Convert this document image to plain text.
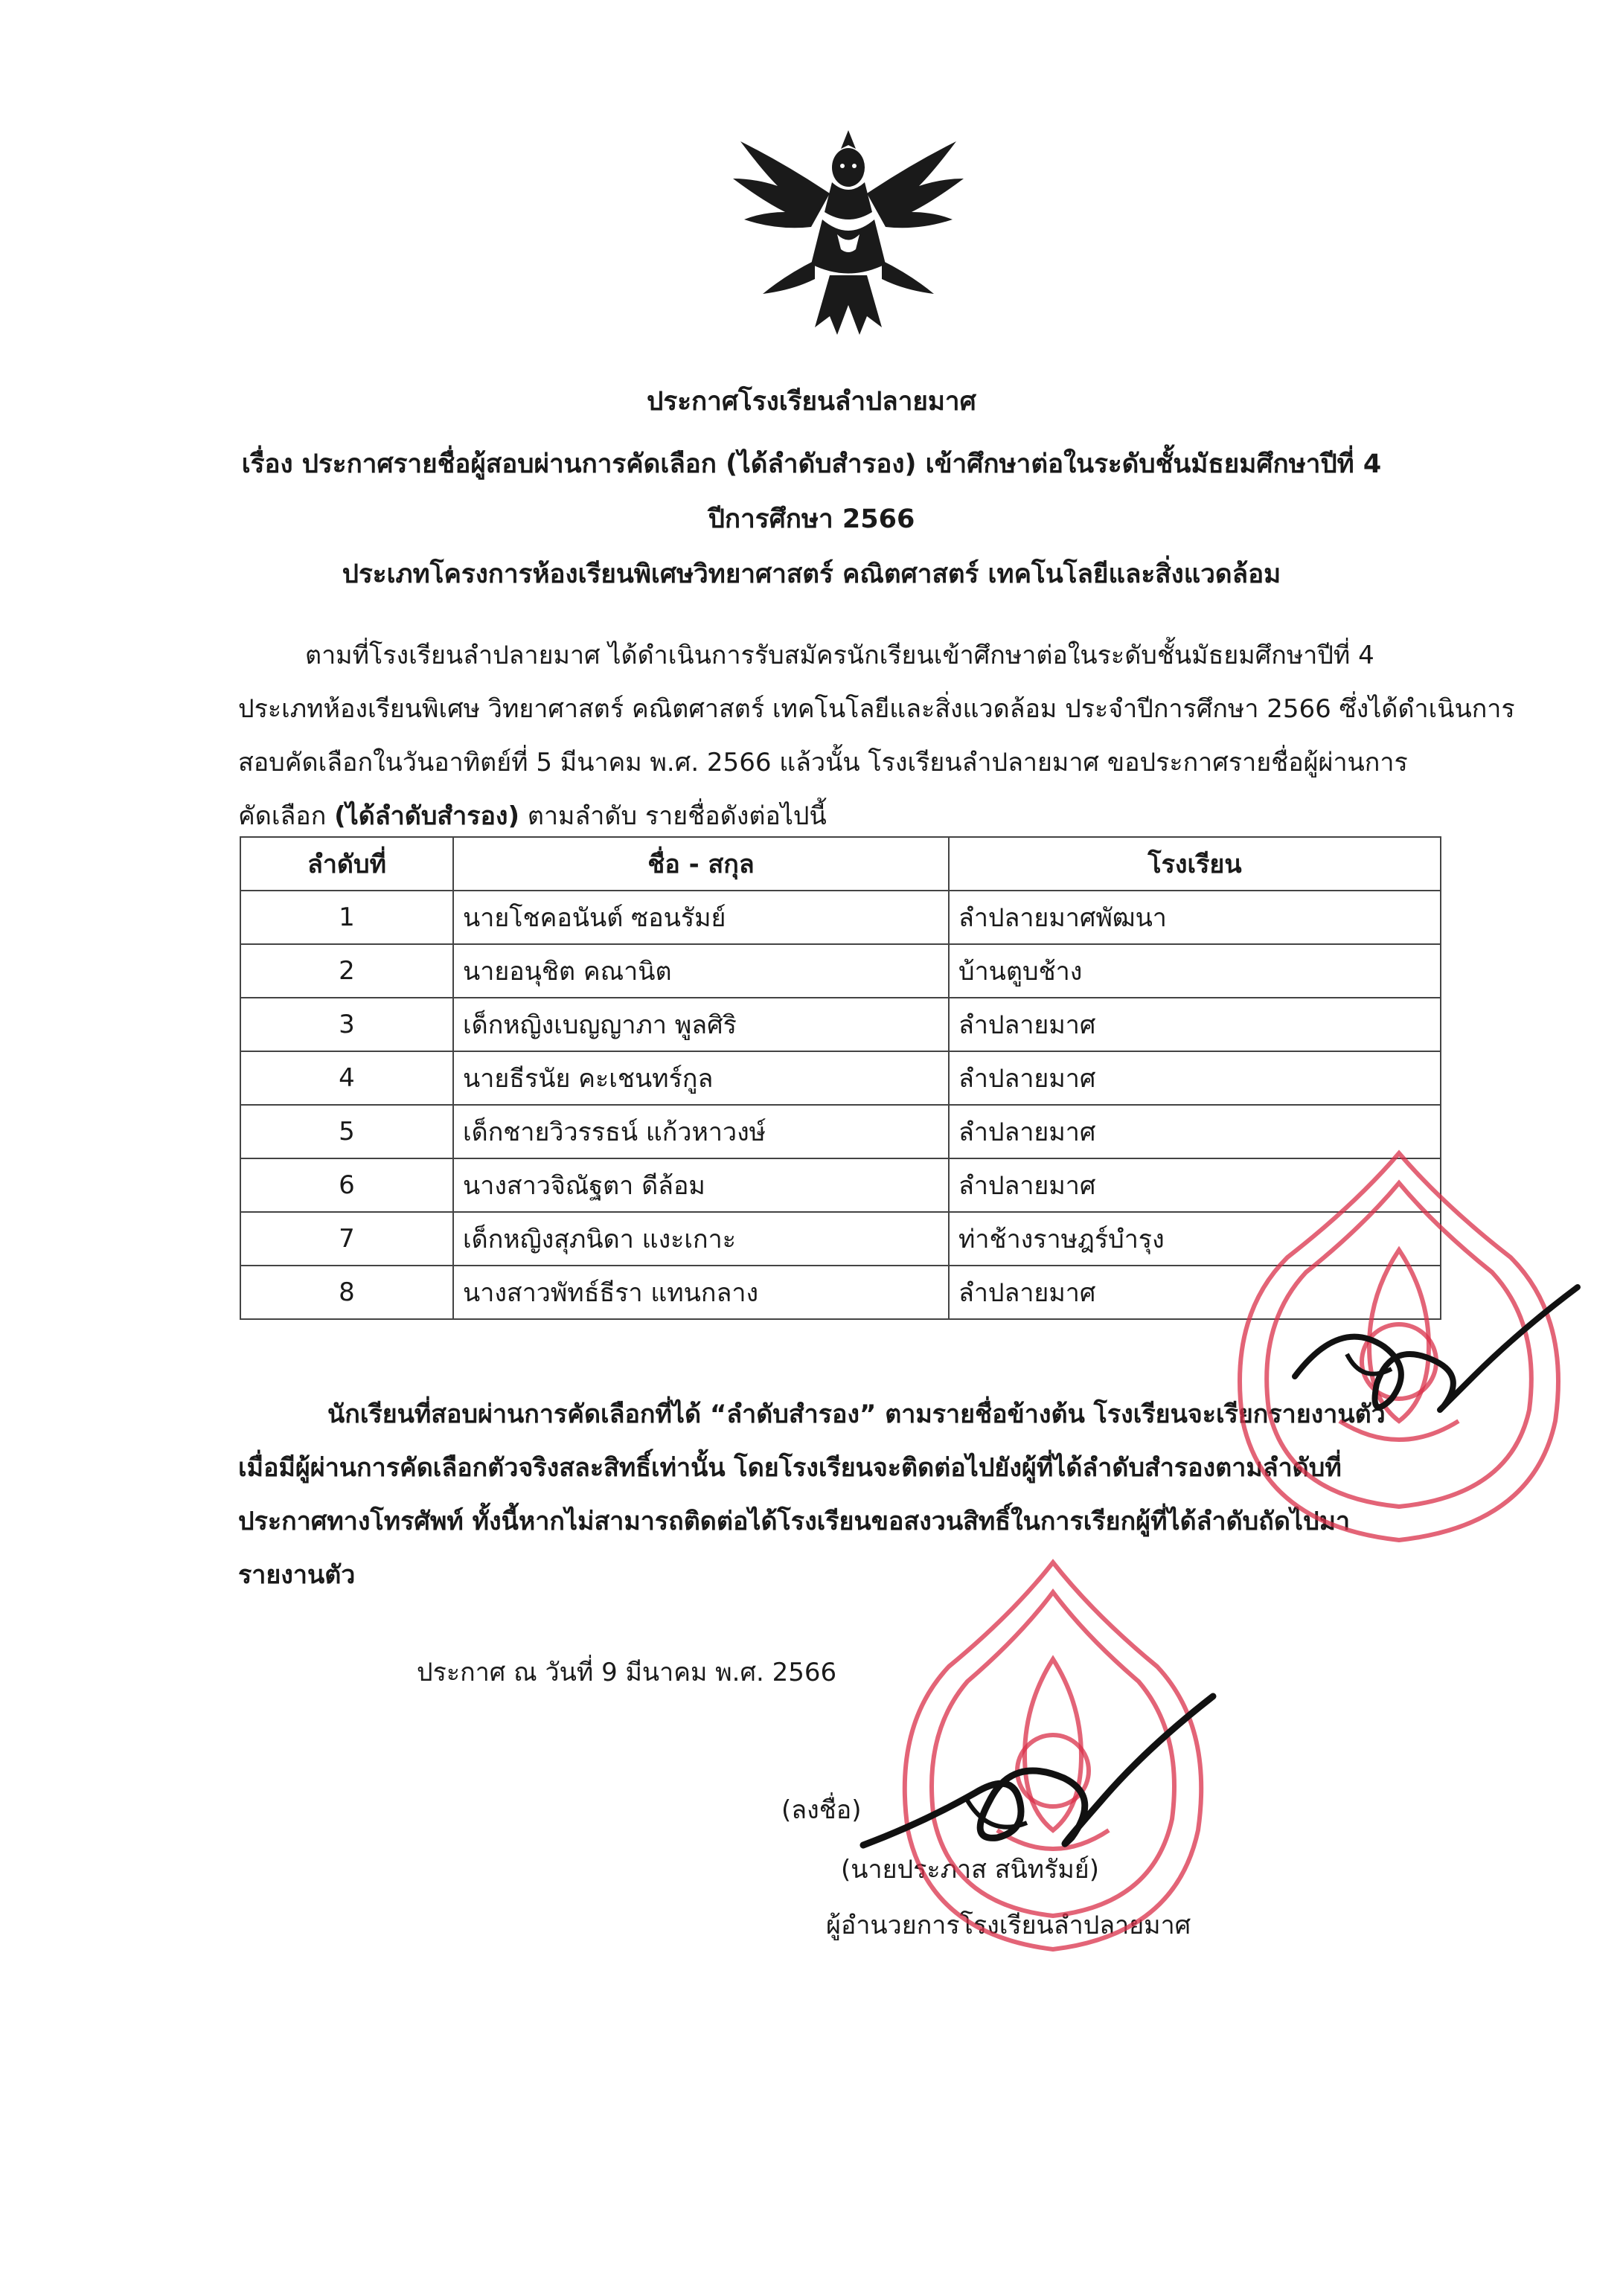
ประกาศโรงเรียนลำปลายมาศ
เรื่อง ประกาศรายชื่อผู้สอบผ่านการคัดเลือก (ได้ลำดับสำรอง) เข้าศึกษาต่อในระดับชั้นมัธยมศึกษาปีที่ 4
ปีการศึกษา 2566
ประเภทโครงการห้องเรียนพิเศษวิทยาศาสตร์ คณิตศาสตร์ เทคโนโลยีและสิ่งแวดล้อม

ตามที่โรงเรียนลำปลายมาศ ได้ดำเนินการรับสมัครนักเรียนเข้าศึกษาต่อในระดับชั้นมัธยมศึกษาปีที่ 4

ประเภทห้องเรียนพิเศษ วิทยาศาสตร์ คณิตศาสตร์ เทคโนโลยีและสิ่งแวดล้อม ประจำปีการศึกษา 2566 ซึ่งได้ดำเนินการ

สอบคัดเลือกในวันอาทิตย์ที่ 5 มีนาคม พ.ศ. 2566 แล้วนั้น โรงเรียนลำปลายมาศ ขอประกาศรายชื่อผู้ผ่านการ

คัดเลือก (ได้ลำดับสำรอง) ตามลำดับ รายชื่อดังต่อไปนี้

ลำดับที่	ชื่อ - สกุล	โรงเรียน
1	นายโชคอนันต์ ซอนรัมย์	ลำปลายมาศพัฒนา
2	นายอนุชิต คณานิต	บ้านตูบช้าง
3	เด็กหญิงเบญญาภา พูลศิริ	ลำปลายมาศ
4	นายธีรนัย คะเชนทร์กูล	ลำปลายมาศ
5	เด็กชายวิวรรธน์ แก้วหาวงษ์	ลำปลายมาศ
6	นางสาวจิณัฐตา ดีล้อม	ลำปลายมาศ
7	เด็กหญิงสุภนิดา แงะเกาะ	ท่าช้างราษฎร์บำรุง
8	นางสาวพัทธ์ธีรา แทนกลาง	ลำปลายมาศ

นักเรียนที่สอบผ่านการคัดเลือกที่ได้ “ลำดับสำรอง” ตามรายชื่อข้างต้น โรงเรียนจะเรียกรายงานตัว

เมื่อมีผู้ผ่านการคัดเลือกตัวจริงสละสิทธิ์เท่านั้น โดยโรงเรียนจะติดต่อไปยังผู้ที่ได้ลำดับสำรองตามลำดับที่

ประกาศทางโทรศัพท์ ทั้งนี้หากไม่สามารถติดต่อได้โรงเรียนขอสงวนสิทธิ์ในการเรียกผู้ที่ได้ลำดับถัดไปมา

รายงานตัว

ประกาศ ณ วันที่ 9 มีนาคม พ.ศ. 2566
(ลงชื่อ)
(นายประภาส สนิทรัมย์)
ผู้อำนวยการโรงเรียนลำปลายมาศ
